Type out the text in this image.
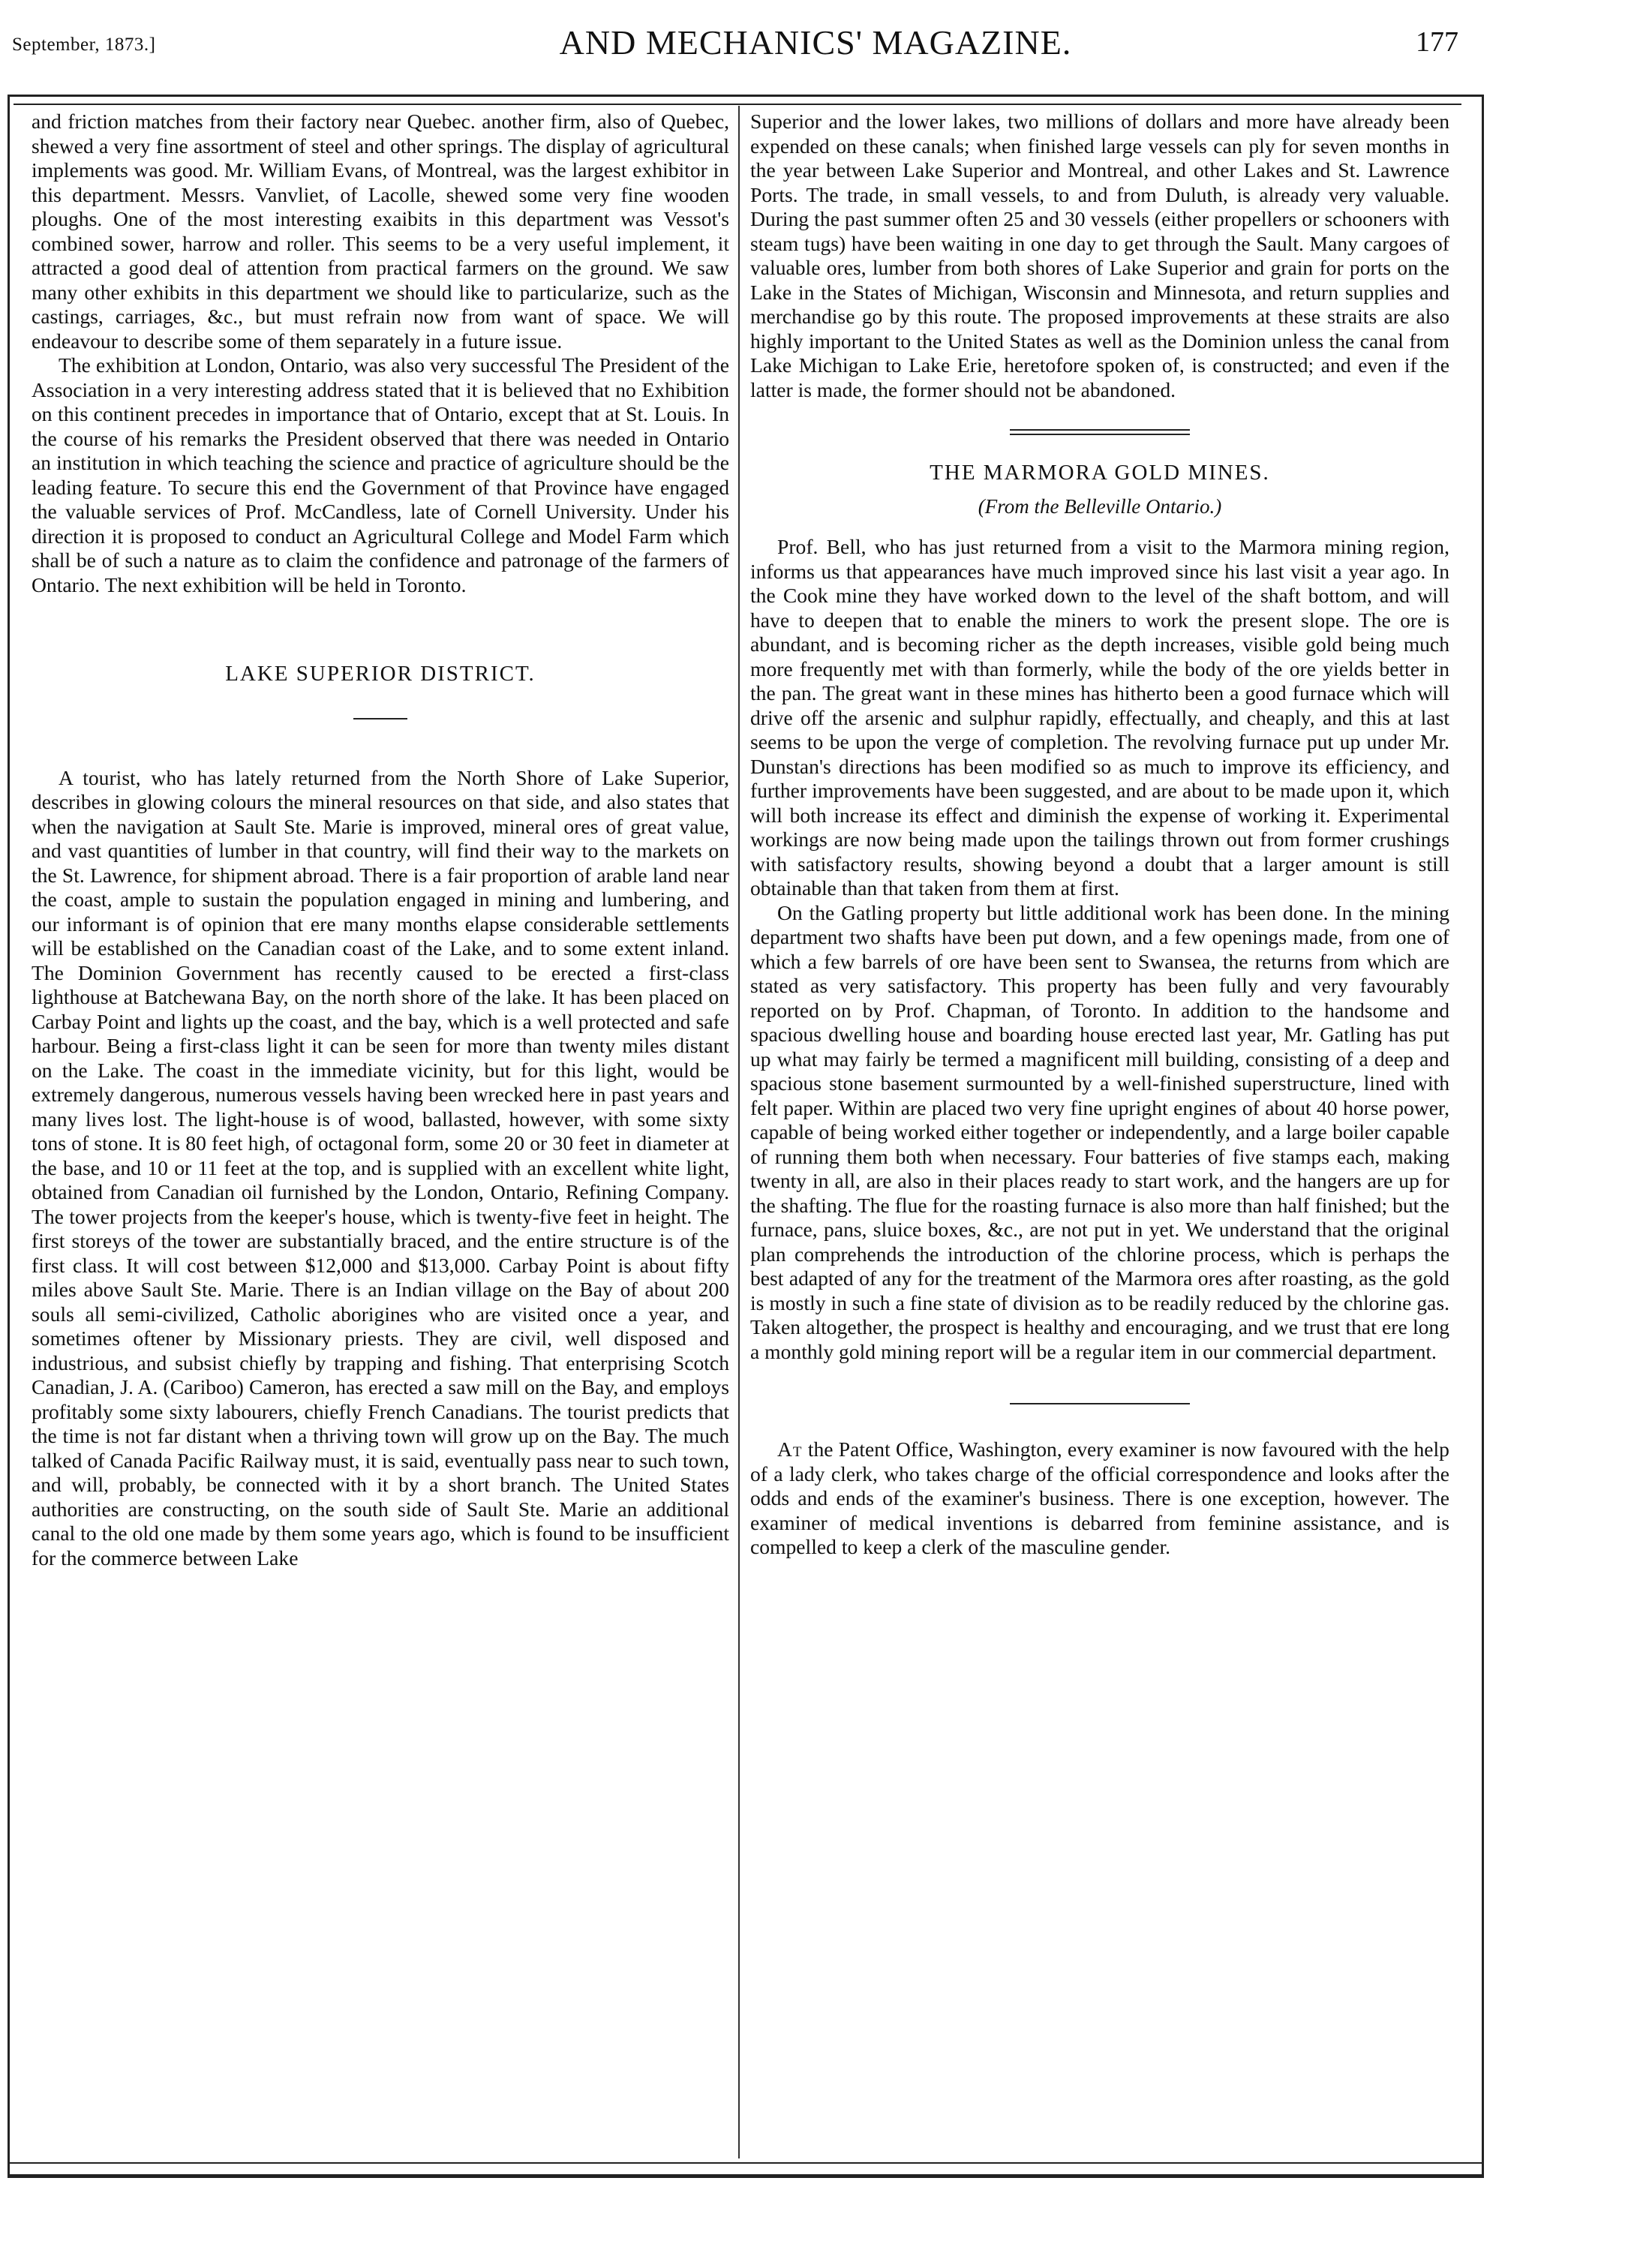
September, 1873.]	AND MECHANICS' MAGAZINE.	177

and friction matches from their factory near Quebec. another firm, also of Quebec, shewed a very fine assortment of steel and other springs. The display of agricultural implements was good. Mr. William Evans, of Montreal, was the largest exhibitor in this department. Messrs. Vanvliet, of Lacolle, shewed some very fine wooden ploughs. One of the most interesting exaibits in this department was Vessot's combined sower, harrow and roller. This seems to be a very useful implement, it attracted a good deal of attention from practical farmers on the ground. We saw many other exhibits in this department we should like to particularize, such as the castings, carriages, &c., but must refrain now from want of space. We will endeavour to describe some of them separately in a future issue.

The exhibition at London, Ontario, was also very successful The President of the Association in a very interesting address stated that it is believed that no Exhibition on this continent precedes in importance that of Ontario, except that at St. Louis. In the course of his remarks the President observed that there was needed in Ontario an institution in which teaching the science and practice of agriculture should be the leading feature. To secure this end the Government of that Province have engaged the valuable services of Prof. McCandless, late of Cornell University. Under his direction it is proposed to conduct an Agricultural College and Model Farm which shall be of such a nature as to claim the confidence and patronage of the farmers of Ontario. The next exhibition will be held in Toronto.

LAKE SUPERIOR DISTRICT.

A tourist, who has lately returned from the North Shore of Lake Superior, describes in glowing colours the mineral resources on that side, and also states that when the navigation at Sault Ste. Marie is improved, mineral ores of great value, and vast quantities of lumber in that country, will find their way to the markets on the St. Lawrence, for shipment abroad. There is a fair proportion of arable land near the coast, ample to sustain the population engaged in mining and lumbering, and our informant is of opinion that ere many months elapse considerable settlements will be established on the Canadian coast of the Lake, and to some extent inland. The Dominion Government has recently caused to be erected a first-class lighthouse at Batchewana Bay, on the north shore of the lake. It has been placed on Carbay Point and lights up the coast, and the bay, which is a well protected and safe harbour. Being a first-class light it can be seen for more than twenty miles distant on the Lake. The coast in the immediate vicinity, but for this light, would be extremely dangerous, numerous vessels having been wrecked here in past years and many lives lost. The light-house is of wood, ballasted, however, with some sixty tons of stone. It is 80 feet high, of octagonal form, some 20 or 30 feet in diameter at the base, and 10 or 11 feet at the top, and is supplied with an excellent white light, obtained from Canadian oil furnished by the London, Ontario, Refining Company. The tower projects from the keeper's house, which is twenty-five feet in height. The first storeys of the tower are substantially braced, and the entire structure is of the first class. It will cost between $12,000 and $13,000. Carbay Point is about fifty miles above Sault Ste. Marie. There is an Indian village on the Bay of about 200 souls all semi-civilized, Catholic aborigines who are visited once a year, and sometimes oftener by Missionary priests. They are civil, well disposed and industrious, and subsist chiefly by trapping and fishing. That enterprising Scotch Canadian, J. A. (Cariboo) Cameron, has erected a saw mill on the Bay, and employs profitably some sixty labourers, chiefly French Canadians. The tourist predicts that the time is not far distant when a thriving town will grow up on the Bay. The much talked of Canada Pacific Railway must, it is said, eventually pass near to such town, and will, probably, be connected with it by a short branch. The United States authorities are constructing, on the south side of Sault Ste. Marie an additional canal to the old one made by them some years ago, which is found to be insufficient for the commerce between Lake

Superior and the lower lakes, two millions of dollars and more have already been expended on these canals; when finished large vessels can ply for seven months in the year between Lake Superior and Montreal, and other Lakes and St. Lawrence Ports. The trade, in small vessels, to and from Duluth, is already very valuable. During the past summer often 25 and 30 vessels (either propellers or schooners with steam tugs) have been waiting in one day to get through the Sault. Many cargoes of valuable ores, lumber from both shores of Lake Superior and grain for ports on the Lake in the States of Michigan, Wisconsin and Minnesota, and return supplies and merchandise go by this route. The proposed improvements at these straits are also highly important to the United States as well as the Dominion unless the canal from Lake Michigan to Lake Erie, heretofore spoken of, is constructed; and even if the latter is made, the former should not be abandoned.

THE MARMORA GOLD MINES.

(From the Belleville Ontario.)

Prof. Bell, who has just returned from a visit to the Marmora mining region, informs us that appearances have much improved since his last visit a year ago. In the Cook mine they have worked down to the level of the shaft bottom, and will have to deepen that to enable the miners to work the present slope. The ore is abundant, and is becoming richer as the depth increases, visible gold being much more frequently met with than formerly, while the body of the ore yields better in the pan. The great want in these mines has hitherto been a good furnace which will drive off the arsenic and sulphur rapidly, effectually, and cheaply, and this at last seems to be upon the verge of completion. The revolving furnace put up under Mr. Dunstan's directions has been modified so as much to improve its efficiency, and further improvements have been suggested, and are about to be made upon it, which will both increase its effect and diminish the expense of working it. Experimental workings are now being made upon the tailings thrown out from former crushings with satisfactory results, showing beyond a doubt that a larger amount is still obtainable than that taken from them at first.

On the Gatling property but little additional work has been done. In the mining department two shafts have been put down, and a few openings made, from one of which a few barrels of ore have been sent to Swansea, the returns from which are stated as very satisfactory. This property has been fully and very favourably reported on by Prof. Chapman, of Toronto. In addition to the handsome and spacious dwelling house and boarding house erected last year, Mr. Gatling has put up what may fairly be termed a magnificent mill building, consisting of a deep and spacious stone basement surmounted by a well-finished superstructure, lined with felt paper. Within are placed two very fine upright engines of about 40 horse power, capable of being worked either together or independently, and a large boiler capable of running them both when necessary. Four batteries of five stamps each, making twenty in all, are also in their places ready to start work, and the hangers are up for the shafting. The flue for the roasting furnace is also more than half finished; but the furnace, pans, sluice boxes, &c., are not put in yet. We understand that the original plan comprehends the introduction of the chlorine process, which is perhaps the best adapted of any for the treatment of the Marmora ores after roasting, as the gold is mostly in such a fine state of division as to be readily reduced by the chlorine gas. Taken altogether, the prospect is healthy and encouraging, and we trust that ere long a monthly gold mining report will be a regular item in our commercial department.

At the Patent Office, Washington, every examiner is now favoured with the help of a lady clerk, who takes charge of the official correspondence and looks after the odds and ends of the examiner's business. There is one exception, however. The examiner of medical inventions is debarred from feminine assistance, and is compelled to keep a clerk of the masculine gender.
